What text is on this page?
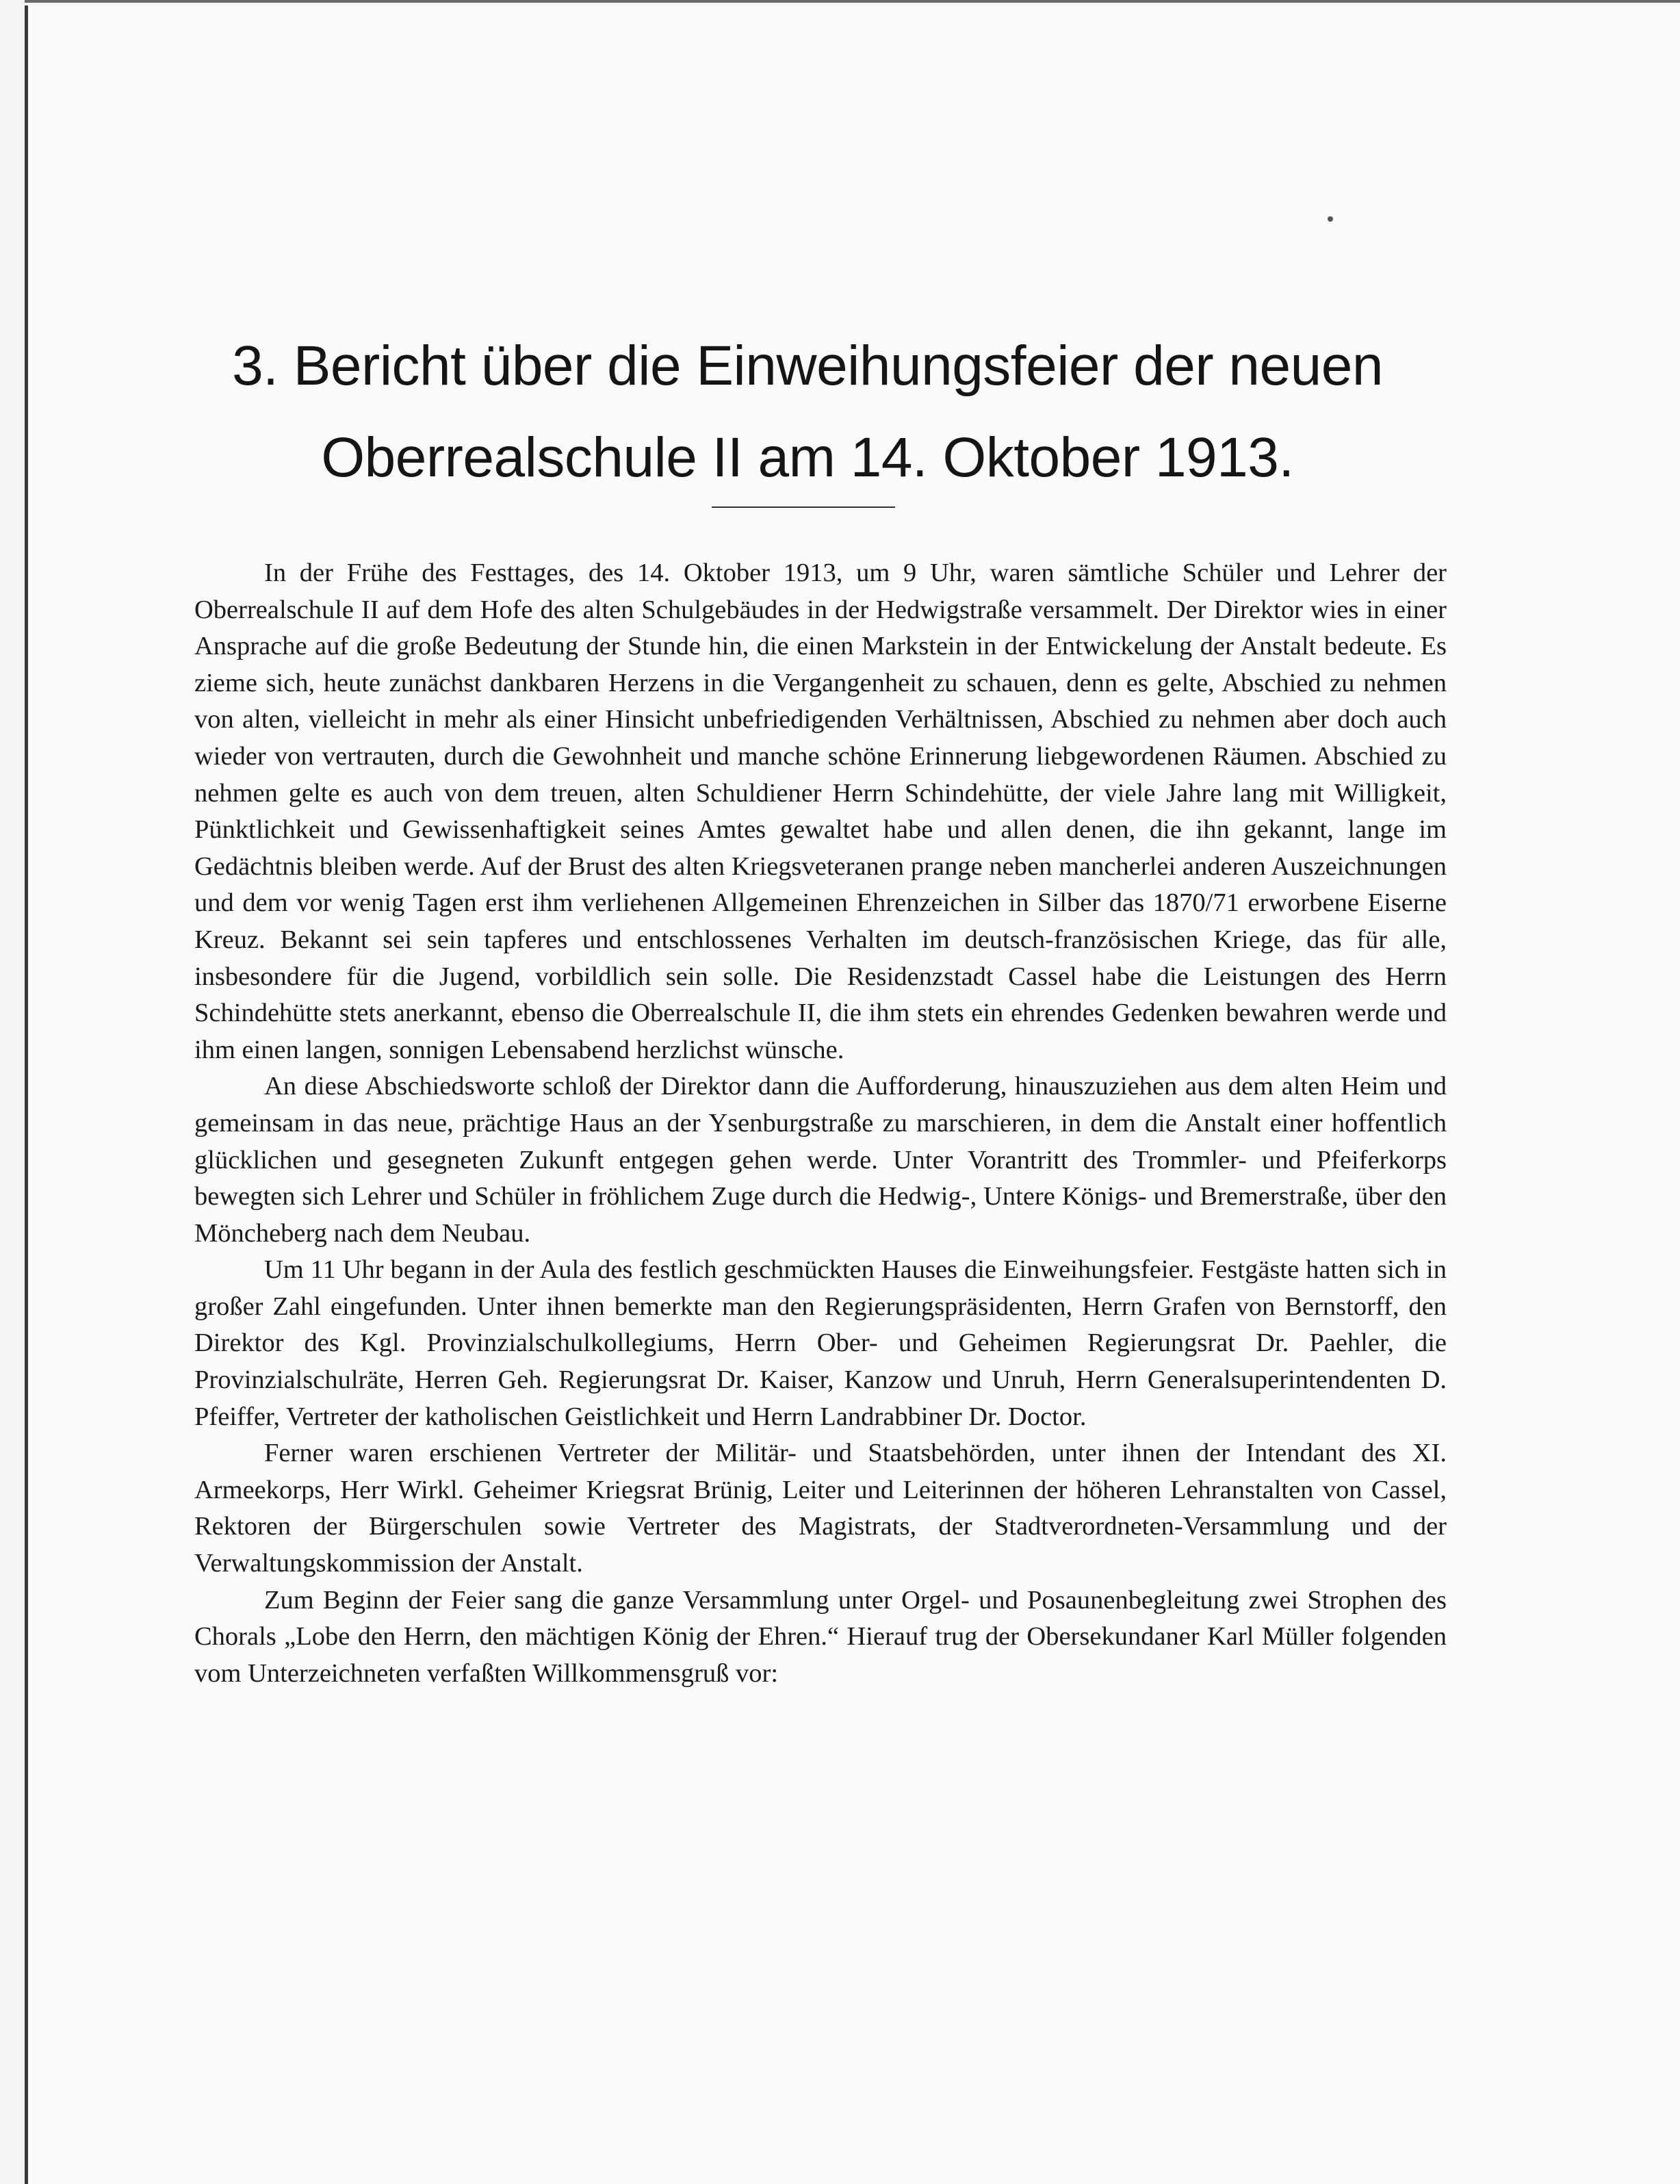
3. Bericht über die Einweihungsfeier der neuen
Oberrealschule II am 14. Oktober 1913.

In der Frühe des Festtages, des 14. Oktober 1913, um 9 Uhr, waren sämtliche Schüler und Lehrer der Oberrealschule II auf dem Hofe des alten Schulgebäudes in der Hedwigstraße versammelt. Der Direktor wies in einer Ansprache auf die große Bedeutung der Stunde hin, die einen Markstein in der Entwickelung der Anstalt bedeute. Es zieme sich, heute zunächst dankbaren Herzens in die Vergangenheit zu schauen, denn es gelte, Abschied zu nehmen von alten, vielleicht in mehr als einer Hinsicht unbefriedigenden Verhältnissen, Abschied zu nehmen aber doch auch wieder von vertrauten, durch die Gewohnheit und manche schöne Erinnerung liebgewordenen Räumen. Abschied zu nehmen gelte es auch von dem treuen, alten Schuldiener Herrn Schindehütte, der viele Jahre lang mit Willigkeit, Pünktlichkeit und Gewissenhaftigkeit seines Amtes gewaltet habe und allen denen, die ihn gekannt, lange im Gedächtnis bleiben werde. Auf der Brust des alten Kriegsveteranen prange neben mancherlei anderen Auszeichnungen und dem vor wenig Tagen erst ihm verliehenen Allgemeinen Ehrenzeichen in Silber das 1870/71 erworbene Eiserne Kreuz. Bekannt sei sein tapferes und entschlossenes Verhalten im deutsch-französischen Kriege, das für alle, insbesondere für die Jugend, vorbildlich sein solle. Die Residenzstadt Cassel habe die Leistungen des Herrn Schindehütte stets anerkannt, ebenso die Oberrealschule II, die ihm stets ein ehrendes Gedenken bewahren werde und ihm einen langen, sonnigen Lebensabend herzlichst wünsche.

An diese Abschiedsworte schloß der Direktor dann die Aufforderung, hinauszuziehen aus dem alten Heim und gemeinsam in das neue, prächtige Haus an der Ysenburgstraße zu marschieren, in dem die Anstalt einer hoffentlich glücklichen und gesegneten Zukunft entgegen gehen werde. Unter Vorantritt des Trommler- und Pfeiferkorps bewegten sich Lehrer und Schüler in fröhlichem Zuge durch die Hedwig-, Untere Königs- und Bremerstraße, über den Möncheberg nach dem Neubau.

Um 11 Uhr begann in der Aula des festlich geschmückten Hauses die Einweihungsfeier. Festgäste hatten sich in großer Zahl eingefunden. Unter ihnen bemerkte man den Regierungspräsidenten, Herrn Grafen von Bernstorff, den Direktor des Kgl. Provinzialschulkollegiums, Herrn Ober- und Geheimen Regierungsrat Dr. Paehler, die Provinzialschulräte, Herren Geh. Regierungsrat Dr. Kaiser, Kanzow und Unruh, Herrn Generalsuperintendenten D. Pfeiffer, Vertreter der katholischen Geistlichkeit und Herrn Landrabbiner Dr. Doctor.

Ferner waren erschienen Vertreter der Militär- und Staatsbehörden, unter ihnen der Intendant des XI. Armeekorps, Herr Wirkl. Geheimer Kriegsrat Brünig, Leiter und Leiterinnen der höheren Lehranstalten von Cassel, Rektoren der Bürgerschulen sowie Vertreter des Magistrats, der Stadtverordneten-Versammlung und der Verwaltungskommission der Anstalt.

Zum Beginn der Feier sang die ganze Versammlung unter Orgel- und Posaunenbegleitung zwei Strophen des Chorals „Lobe den Herrn, den mächtigen König der Ehren.“ Hierauf trug der Obersekundaner Karl Müller folgenden vom Unterzeichneten verfaßten Willkommensgruß vor:
